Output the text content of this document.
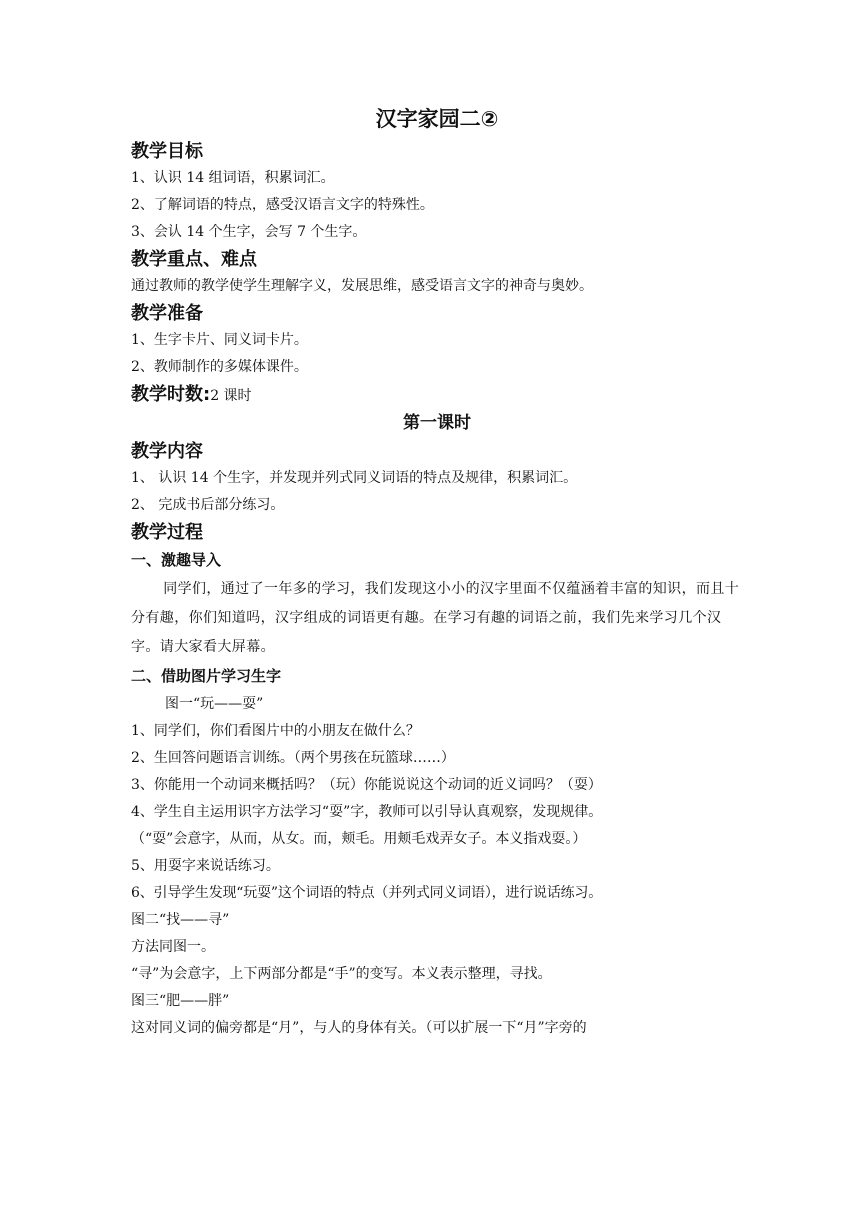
汉字家园二②
教学目标
1、认识 14 组词语，积累词汇。
2、了解词语的特点，感受汉语言文字的特殊性。
3、会认 14 个生字，会写 7 个生字。
教学重点、难点
通过教师的教学使学生理解字义，发展思维，感受语言文字的神奇与奥妙。
教学准备
1、生字卡片、同义词卡片。
2、教师制作的多媒体课件。
教学时数:2 课时
第一课时
教学内容
1、 认识 14 个生字，并发现并列式同义词语的特点及规律，积累词汇。
2、 完成书后部分练习。
教学过程
一、激趣导入

同学们，通过了一年多的学习，我们发现这小小的汉字里面不仅蕴涵着丰富的知识，而且十分有趣，你们知道吗，汉字组成的词语更有趣。在学习有趣的词语之前，我们先来学习几个汉字。请大家看大屏幕。

二、借助图片学习生字
图一“玩——耍”
1、同学们，你们看图片中的小朋友在做什么？
2、生回答问题语言训练。（两个男孩在玩篮球……）
3、你能用一个动词来概括吗？（玩）你能说说这个动词的近义词吗？（耍）
4、学生自主运用识字方法学习“耍”字，教师可以引导认真观察，发现规律。
（“耍”会意字，从而，从女。而，颊毛。用颊毛戏弄女子。本义指戏耍。）
5、用耍字来说话练习。
6、引导学生发现“玩耍”这个词语的特点（并列式同义词语），进行说话练习。
图二“找——寻”
方法同图一。
“寻”为会意字，上下两部分都是“手”的变写。本义表示整理，寻找。
图三“肥——胖”
这对同义词的偏旁都是“月”，与人的身体有关。（可以扩展一下“月”字旁的
